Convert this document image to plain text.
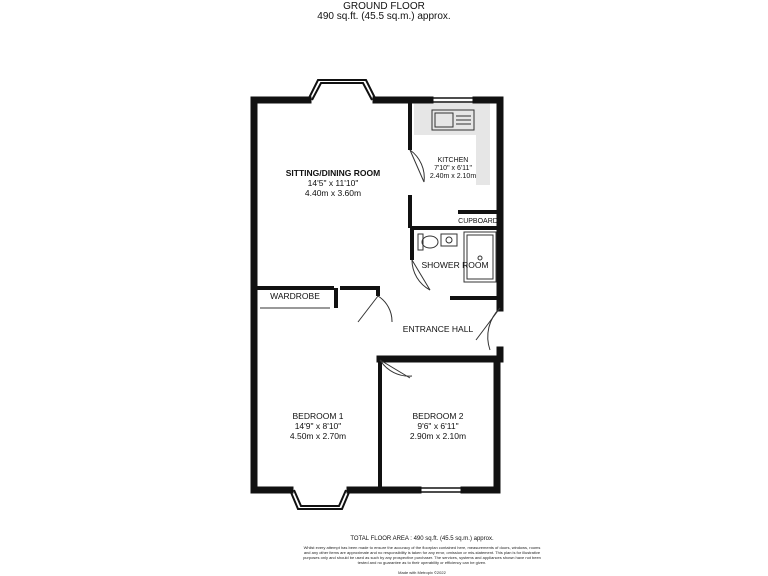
GROUND FLOOR
490 sq.ft. (45.5 sq.m.) approx.
SITTING/DINING ROOM
14'5" x 11'10"
4.40m x 3.60m
KITCHEN
7'10" x 6'11"
2.40m x 2.10m
CUPBOARD
SHOWER ROOM
WARDROBE
ENTRANCE HALL
BEDROOM 1
14'9" x 8'10"
4.50m x 2.70m
BEDROOM 2
9'6" x 6'11"
2.90m x 2.10m
TOTAL FLOOR AREA : 490 sq.ft. (45.5 sq.m.) approx.
Whilst every attempt has been made to ensure the accuracy of the floorplan contained here, measurements of doors, windows, rooms and any other items are approximate and no responsibility is taken for any error, omission or mis-statement. This plan is for illustrative purposes only and should be used as such by any prospective purchaser. The services, systems and appliances shown have not been tested and no guarantee as to their operability or efficiency can be given.
Made with Metropix ©2022
